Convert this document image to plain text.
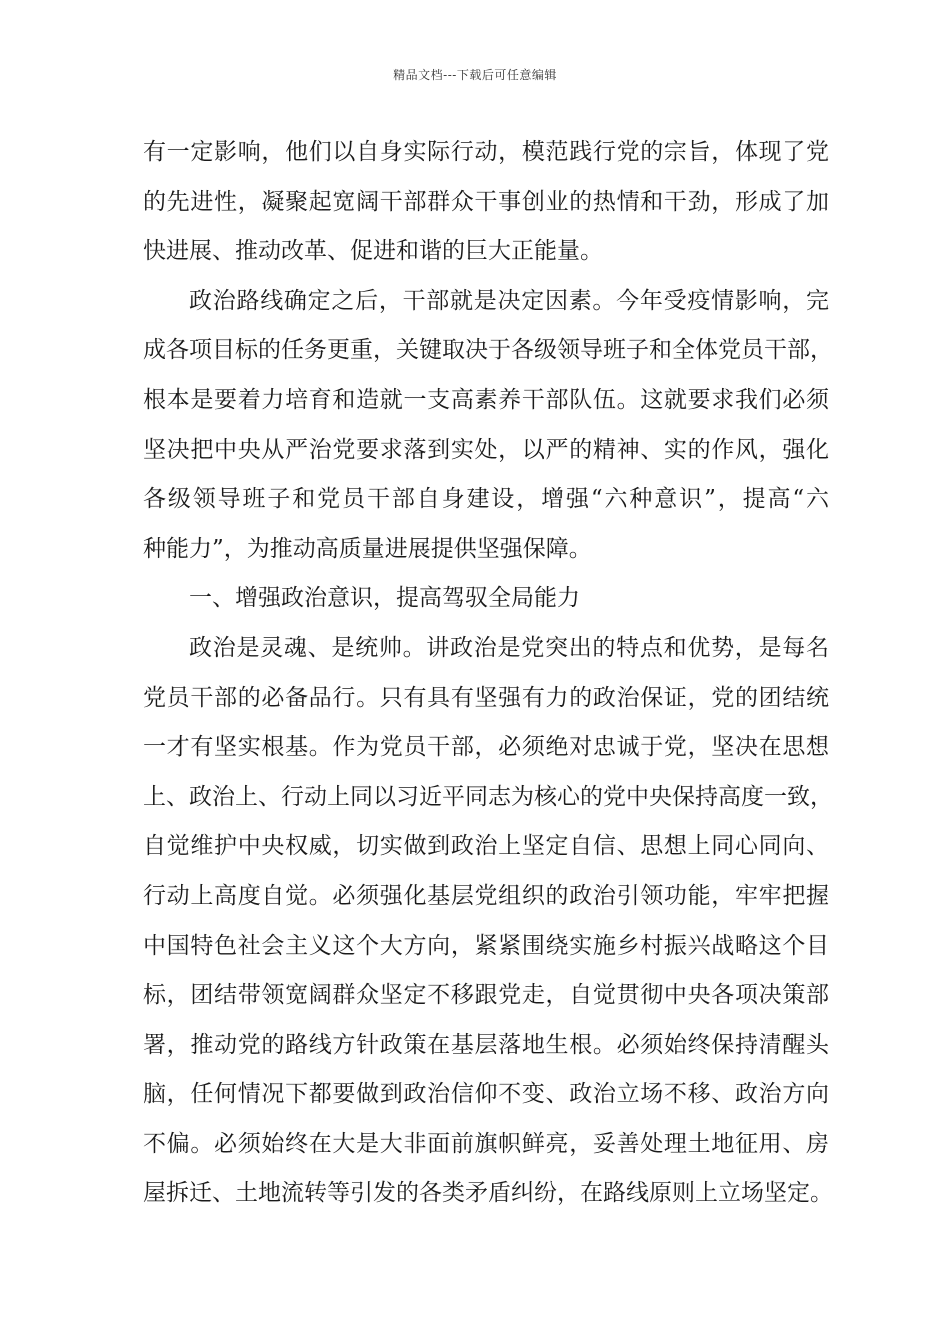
精品文档---下载后可任意编辑
有一定影响，他们以自身实际行动，模范践行党的宗旨，体现了党
的先进性，凝聚起宽阔干部群众干事创业的热情和干劲，形成了加
快进展、推动改革、促进和谐的巨大正能量。
政治路线确定之后，干部就是决定因素。今年受疫情影响，完
成各项目标的任务更重，关键取决于各级领导班子和全体党员干部，
根本是要着力培育和造就一支高素养干部队伍。这就要求我们必须
坚决把中央从严治党要求落到实处，以严的精神、实的作风，强化
各级领导班子和党员干部自身建设，增强“六种意识”，提高“六
种能力”，为推动高质量进展提供坚强保障。
一、增强政治意识，提高驾驭全局能力
政治是灵魂、是统帅。讲政治是党突出的特点和优势，是每名
党员干部的必备品行。只有具有坚强有力的政治保证，党的团结统
一才有坚实根基。作为党员干部，必须绝对忠诚于党，坚决在思想
上、政治上、行动上同以习近平同志为核心的党中央保持高度一致，
自觉维护中央权威，切实做到政治上坚定自信、思想上同心同向、
行动上高度自觉。必须强化基层党组织的政治引领功能，牢牢把握
中国特色社会主义这个大方向，紧紧围绕实施乡村振兴战略这个目
标，团结带领宽阔群众坚定不移跟党走，自觉贯彻中央各项决策部
署，推动党的路线方针政策在基层落地生根。必须始终保持清醒头
脑，任何情况下都要做到政治信仰不变、政治立场不移、政治方向
不偏。必须始终在大是大非面前旗帜鲜亮，妥善处理土地征用、房
屋拆迁、土地流转等引发的各类矛盾纠纷，在路线原则上立场坚定。
